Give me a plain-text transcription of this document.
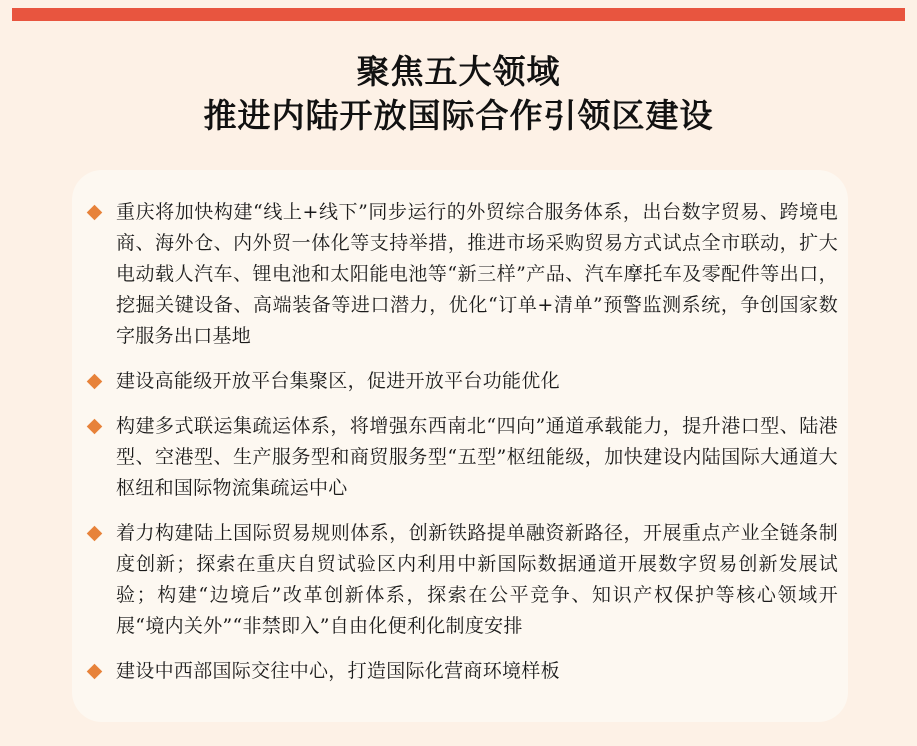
聚焦五大领域
推进内陆开放国际合作引领区建设
重庆将加快构建“线上+线下”同步运行的外贸综合服务体系，出台数字贸易、跨境电商、海外仓、内外贸一体化等支持举措，推进市场采购贸易方式试点全市联动，扩大电动载人汽车、锂电池和太阳能电池等“新三样”产品、汽车摩托车及零配件等出口，挖掘关键设备、高端装备等进口潜力，优化“订单+清单”预警监测系统，争创国家数字服务出口基地
建设高能级开放平台集聚区，促进开放平台功能优化
构建多式联运集疏运体系，将增强东西南北“四向”通道承载能力，提升港口型、陆港型、空港型、生产服务型和商贸服务型“五型”枢纽能级，加快建设内陆国际大通道大枢纽和国际物流集疏运中心
着力构建陆上国际贸易规则体系，创新铁路提单融资新路径，开展重点产业全链条制度创新；探索在重庆自贸试验区内利用中新国际数据通道开展数字贸易创新发展试验；构建“边境后”改革创新体系，探索在公平竞争、知识产权保护等核心领域开展“境内关外”“非禁即入”自由化便利化制度安排
建设中西部国际交往中心，打造国际化营商环境样板
